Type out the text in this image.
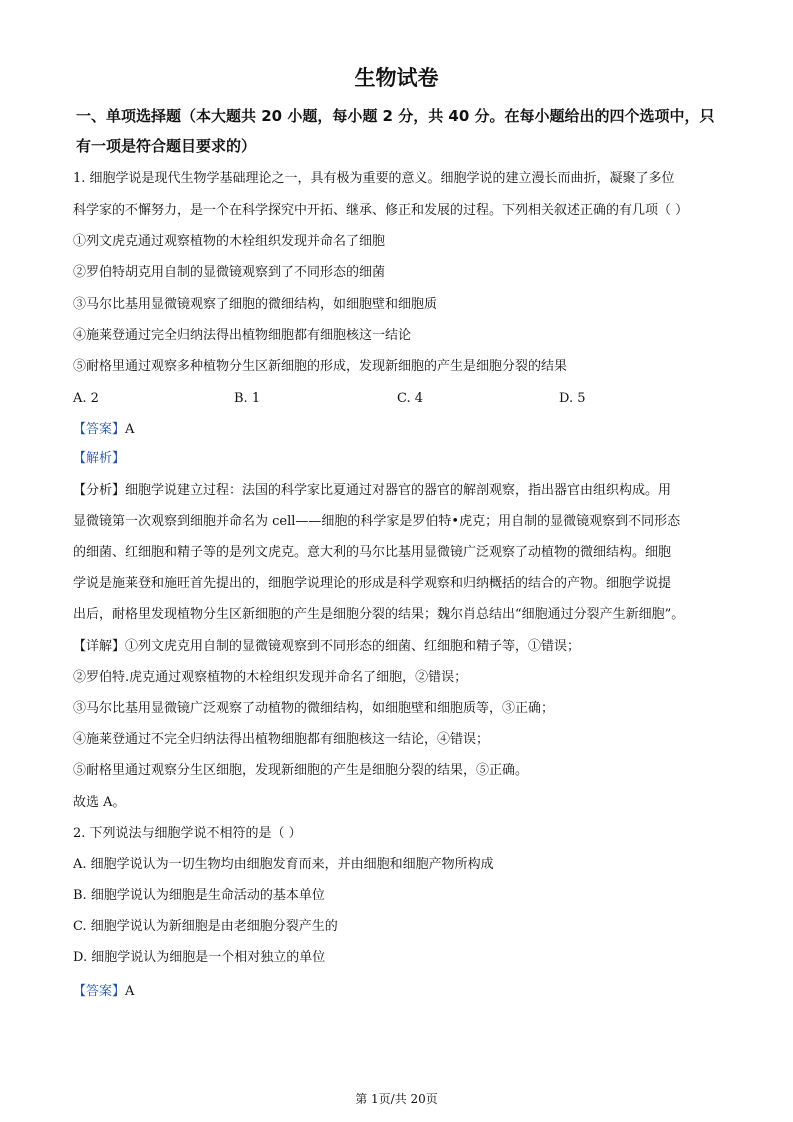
生物试卷
一、单项选择题（本大题共 20 小题，每小题 2 分，共 40 分。在每小题给出的四个选项中，只
有一项是符合题目要求的）
1. 细胞学说是现代生物学基础理论之一，具有极为重要的意义。细胞学说的建立漫长而曲折，凝聚了多位
科学家的不懈努力，是一个在科学探究中开拓、继承、修正和发展的过程。下列相关叙述正确的有几项（ ）
①列文虎克通过观察植物的木栓组织发现并命名了细胞
②罗伯特胡克用自制的显微镜观察到了不同形态的细菌
③马尔比基用显微镜观察了细胞的微细结构，如细胞壁和细胞质
④施莱登通过完全归纳法得出植物细胞都有细胞核这一结论
⑤耐格里通过观察多种植物分生区新细胞的形成，发现新细胞的产生是细胞分裂的结果
A. 2	B. 1	C. 4	D. 5
【答案】A
【解析】
【分析】细胞学说建立过程：法国的科学家比夏通过对器官的器官的解剖观察，指出器官由组织构成。用
显微镜第一次观察到细胞并命名为 cell——细胞的科学家是罗伯特•虎克；用自制的显微镜观察到不同形态
的细菌、红细胞和精子等的是列文虎克。意大利的马尔比基用显微镜广泛观察了动植物的微细结构。细胞
学说是施莱登和施旺首先提出的，细胞学说理论的形成是科学观察和归纳概括的结合的产物。细胞学说提
出后，耐格里发现植物分生区新细胞的产生是细胞分裂的结果；魏尔肖总结出“细胞通过分裂产生新细胞”。
【详解】①列文虎克用自制的显微镜观察到不同形态的细菌、红细胞和精子等，①错误；
②罗伯特.虎克通过观察植物的木栓组织发现并命名了细胞，②错误；
③马尔比基用显微镜广泛观察了动植物的微细结构，如细胞壁和细胞质等，③正确；
④施莱登通过不完全归纳法得出植物细胞都有细胞核这一结论，④错误；
⑤耐格里通过观察分生区细胞，发现新细胞的产生是细胞分裂的结果，⑤正确。
故选 A。
2. 下列说法与细胞学说不相符的是（ ）
A. 细胞学说认为一切生物均由细胞发育而来，并由细胞和细胞产物所构成
B. 细胞学说认为细胞是生命活动的基本单位
C. 细胞学说认为新细胞是由老细胞分裂产生的
D. 细胞学说认为细胞是一个相对独立的单位
【答案】A
第 1页/共 20页
